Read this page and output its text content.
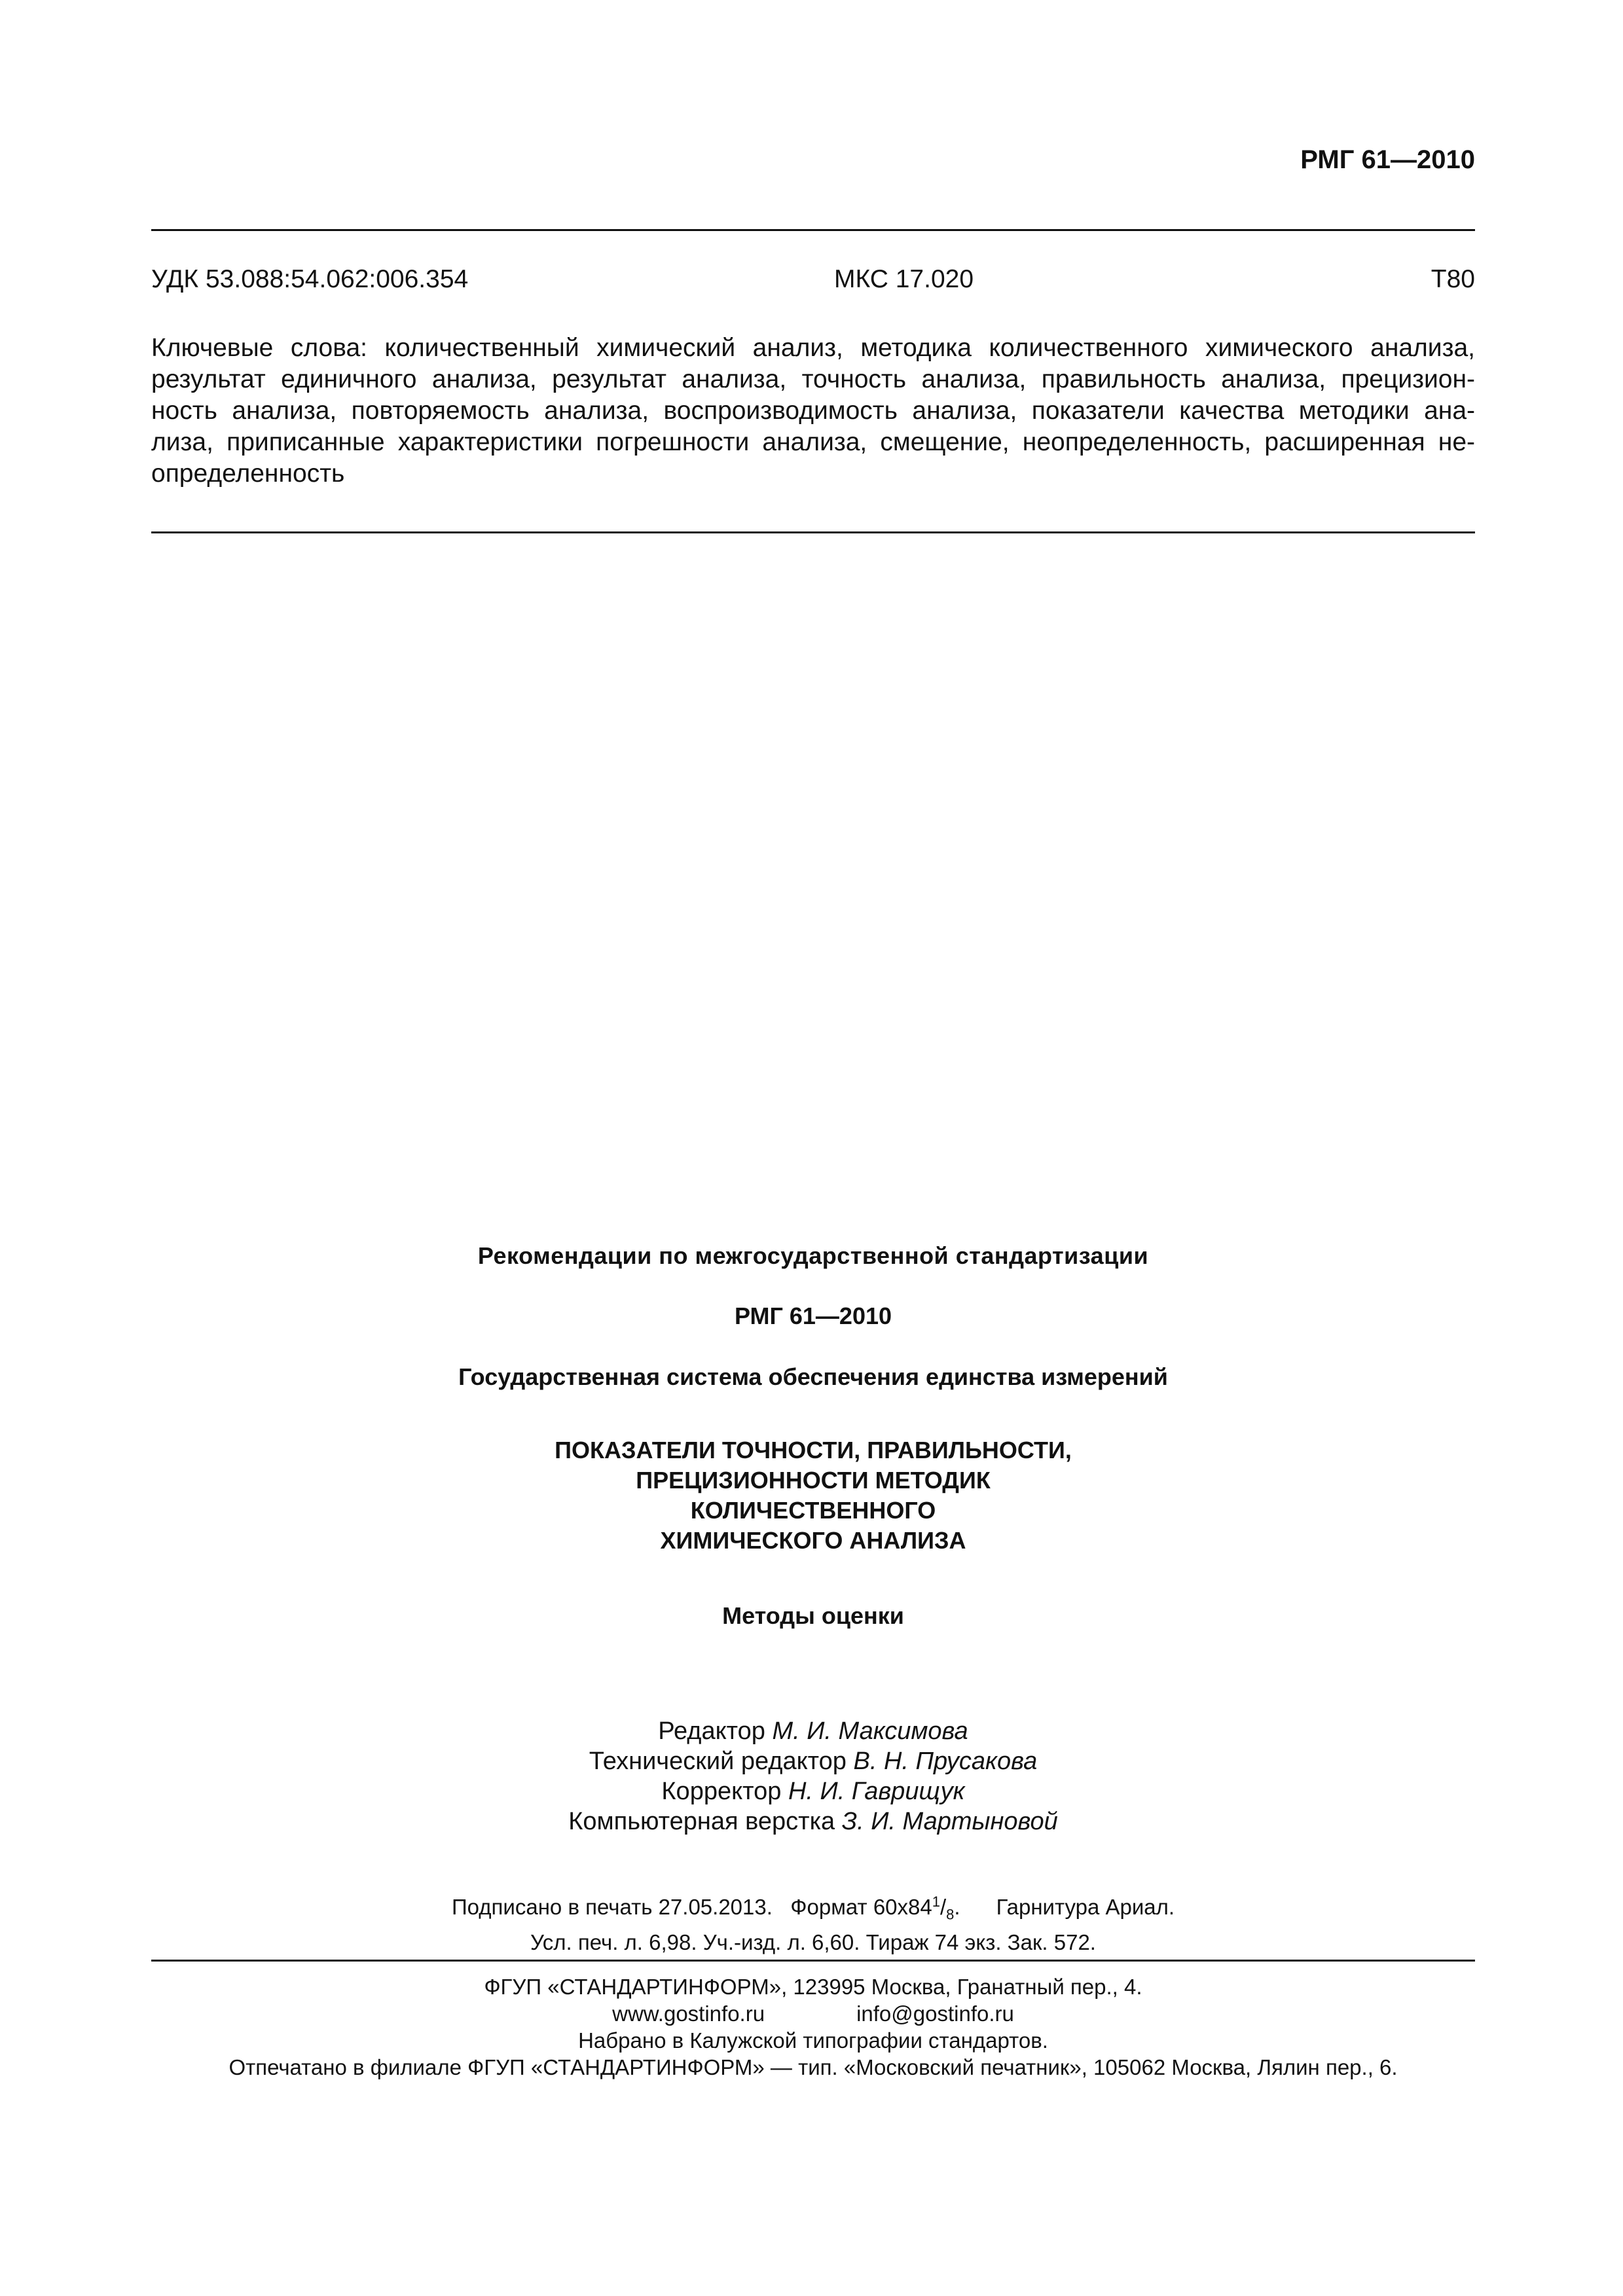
РМГ 61—2010
УДК 53.088:54.062:006.354	МКС 17.020	Т80
Ключевые слова: количественный химический анализ, методика количественного химического анализа,
результат единичного анализа, результат анализа, точность анализа, правильность анализа, прецизион-
ность анализа, повторяемость анализа, воспроизводимость анализа, показатели качества методики ана-
лиза, приписанные характеристики погрешности анализа, смещение, неопределенность, расширенная не-
определенность
Рекомендации по межгосударственной стандартизации
РМГ 61—2010
Государственная система обеспечения единства измерений
ПОКАЗАТЕЛИ ТОЧНОСТИ, ПРАВИЛЬНОСТИ,
ПРЕЦИЗИОННОСТИ МЕТОДИК
КОЛИЧЕСТВЕННОГО
ХИМИЧЕСКОГО АНАЛИЗА
Методы оценки
Редактор М. И. Максимова
Технический редактор В. Н. Прусакова
Корректор Н. И. Гаврищук
Компьютерная верстка З. И. Мартыновой
Подписано в печать 27.05.2013. Формат $60x84^1/_8$. Гарнитура Ариал.
Усл. печ. л. 6,98. Уч.-изд. л. 6,60. Тираж 74 экз. Зак. 572.
ФГУП «СТАНДАРТИНФОРМ», 123995 Москва, Гранатный пер., 4.
www.gostinfo.ru	info@gostinfo.ru
Набрано в Калужской типографии стандартов.
Отпечатано в филиале ФГУП «СТАНДАРТИНФОРМ» — тип. «Московский печатник», 105062 Москва, Лялин пер., 6.
